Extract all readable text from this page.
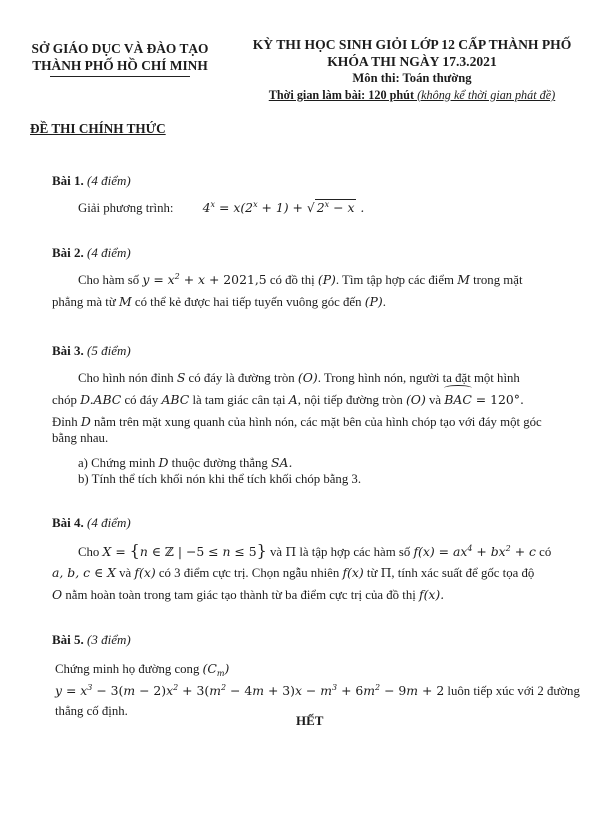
SỞ GIÁO DỤC VÀ ĐÀO TẠO
THÀNH PHỐ HỒ CHÍ MINH
KỲ THI HỌC SINH GIỎI LỚP 12 CẤP THÀNH PHỐ
KHÓA THI NGÀY 17.3.2021
Môn thi: Toán thường
Thời gian làm bài: 120 phút (không kể thời gian phát đề)
ĐỀ THI CHÍNH THỨC
Bài 1. (4 điểm)
Giải phương trình: $4^x = x(2^x + 1)$ + √ $2^x - x$ .
Bài 2. (4 điểm)
Cho hàm số $y = x^2 + x + 2021,5$ có đồ thị (P). Tìm tập hợp các điểm M trong mặt
phẳng mà từ M có thể kẻ được hai tiếp tuyến vuông góc đến (P).
Bài 3. (5 điểm)
Cho hình nón đỉnh S có đáy là đường tròn (O). Trong hình nón, người ta đặt một hình
chóp D.ABC có đáy ABC là tam giác cân tại A, nội tiếp đường tròn (O) và BAC = 120°.
Đỉnh D nằm trên mặt xung quanh của hình nón, các mặt bên của hình chóp tạo với đáy một góc
bằng nhau.
a) Chứng minh D thuộc đường thẳng SA.
b) Tính thể tích khối nón khi thể tích khối chóp bằng 3.
Bài 4. (4 điểm)
Cho X = {n ∈ ℤ | −5 ≤ n ≤ 5} và Π là tập hợp các hàm số $f(x) = ax^4 + bx^2 + c$ có
a, b, c ∈ X và f(x) có 3 điểm cực trị. Chọn ngẫu nhiên f(x) từ Π, tính xác suất để gốc tọa độ
O nằm hoàn toàn trong tam giác tạo thành từ ba điểm cực trị của đồ thị f(x).
Bài 5. (3 điểm)
Chứng minh họ đường cong $(C_m)$
$y = x^3 - 3(m - 2)x^2 + 3(m^2 - 4m + 3)x - m^3 + 6m^2 - 9m + 2$ luôn tiếp xúc với 2 đường
thẳng cố định.
HẾT
